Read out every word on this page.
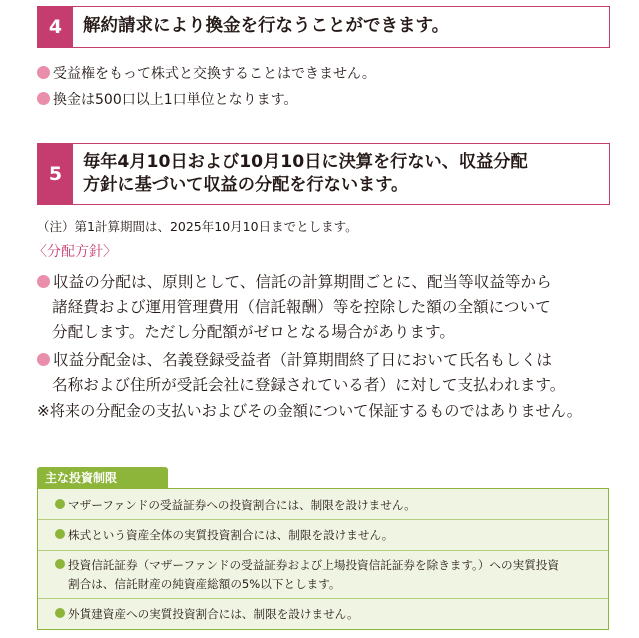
4	解約請求により換金を行なうことができます。
受益権をもって株式と交換することはできません。
換金は500口以上1口単位となります。
5
毎年4月10日および10月10日に決算を行ない、収益分配
方針に基づいて収益の分配を行ないます。
（注）第1計算期間は、2025年10月10日までとします。
〈分配方針〉
収益の分配は、原則として、信託の計算期間ごとに、配当等収益等から
諸経費および運用管理費用（信託報酬）等を控除した額の全額について
分配します。ただし分配額がゼロとなる場合があります。
収益分配金は、名義登録受益者（計算期間終了日において氏名もしくは
名称および住所が受託会社に登録されている者）に対して支払われます。
※将来の分配金の支払いおよびその金額について保証するものではありません。
主な投資制限
マザーファンドの受益証券への投資割合には、制限を設けません。
株式という資産全体の実質投資割合には、制限を設けません。
投資信託証券（マザーファンドの受益証券および上場投資信託証券を除きます。）への実質投資
割合は、信託財産の純資産総額の5%以下とします。
外貨建資産への実質投資割合には、制限を設けません。
